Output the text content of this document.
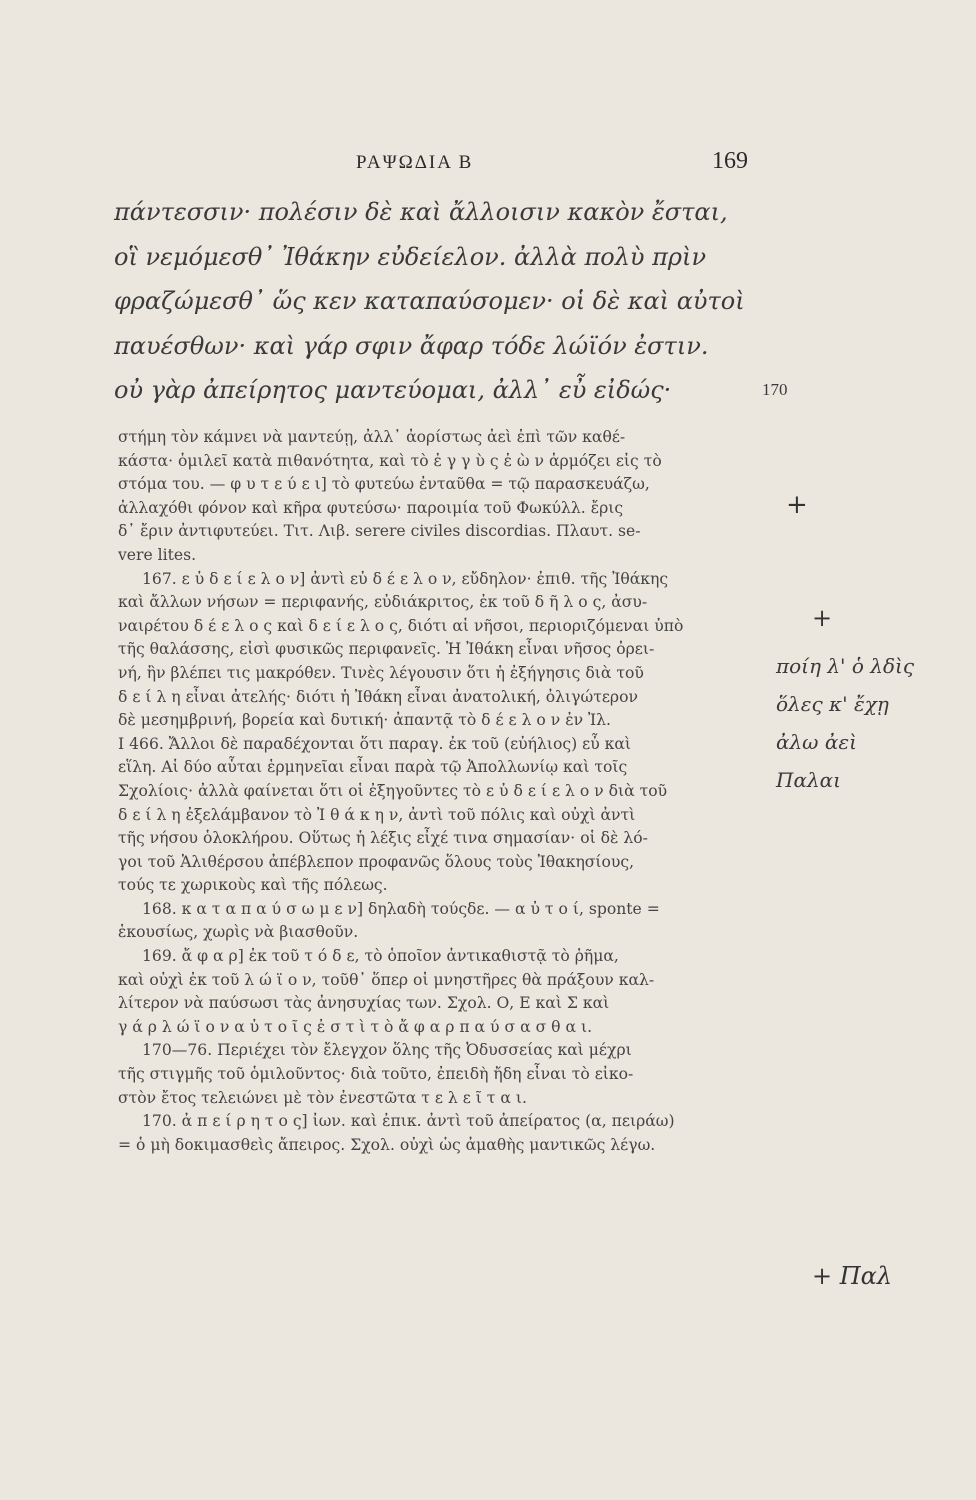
ΡΑΨΩΔΙΑ Β	169
πάντεσσιν· πολέσιν δὲ καὶ ἄλλοισιν κακὸν ἔσται,
οἳ νεμόμεσθ᾽ Ἰθάκην εὐδείελον. ἀλλὰ πολὺ πρὶν
φραζώμεσθ᾽ ὥς κεν καταπαύσομεν· οἱ δὲ καὶ αὐτοὶ
παυέσθων· καὶ γάρ σφιν ἄφαρ τόδε λώϊόν ἐστιν.
οὐ γὰρ ἀπείρητος μαντεύομαι, ἀλλ᾽ εὖ εἰδώς·	170
στήμη τὸν κάμνει νὰ μαντεύῃ, ἀλλ᾽ ἀορίστως ἀεὶ ἐπὶ τῶν καθέ-
κάστα· ὁμιλεῖ κατὰ πιθανότητα, καὶ τὸ ἐ γ γ ὺ ς ἐ ὼ ν ἁρμόζει εἰς τὸ
στόμα του. — φ υ τ ε ύ ε ι] τὸ φυτεύω ἐνταῦθα = τῷ παρασκευάζω,
ἀλλαχόθι φόνον καὶ κῆρα φυτεύσω· παροιμία τοῦ Φωκύλλ. ἔρις
δ᾽ ἔριν ἀντιφυτεύει. Τιτ. Λιβ. serere civiles discordias. Πλαυτ. se-
vere lites.
167. ε ὐ δ ε ί ε λ ο ν] ἀντὶ εὐ δ έ ε λ ο ν, εὔδηλον· ἐπιθ. τῆς Ἰθάκης
καὶ ἄλλων νήσων = περιφανής, εὐδιάκριτος, ἐκ τοῦ δ ῆ λ ο ς, ἀσυ-
ναιρέτου δ έ ε λ ο ς καὶ δ ε ί ε λ ο ς, διότι αἱ νῆσοι, περιοριζόμεναι ὑπὸ
τῆς θαλάσσης, εἰσὶ φυσικῶς περιφανεῖς. Ἡ Ἰθάκη εἶναι νῆσος ὀρει-
νή, ἣν βλέπει τις μακρόθεν. Τινὲς λέγουσιν ὅτι ἡ ἐξήγησις διὰ τοῦ
δ ε ί λ η εἶναι ἀτελής· διότι ἡ Ἰθάκη εἶναι ἀνατολική, ὀλιγώτερον
δὲ μεσημβρινή, βορεία καὶ δυτική· ἀπαντᾷ τὸ δ έ ε λ ο ν ἐν Ἰλ.
Ι 466. Ἄλλοι δὲ παραδέχονται ὅτι παραγ. ἐκ τοῦ (εὐήλιος) εὖ καὶ
εἵλη. Αἱ δύο αὗται ἑρμηνεῖαι εἶναι παρὰ τῷ Ἀπολλωνίῳ καὶ τοῖς
Σχολίοις· ἀλλὰ φαίνεται ὅτι οἱ ἐξηγοῦντες τὸ ε ὐ δ ε ί ε λ ο ν διὰ τοῦ
δ ε ί λ η ἐξελάμβανον τὸ Ἰ θ ά κ η ν, ἀντὶ τοῦ πόλις καὶ οὐχὶ ἀντὶ
τῆς νήσου ὁλοκλήρου. Οὕτως ἡ λέξις εἶχέ τινα σημασίαν· οἱ δὲ λό-
γοι τοῦ Ἁλιθέρσου ἀπέβλεπον προφανῶς ὅλους τοὺς Ἰθακησίους,
τούς τε χωρικοὺς καὶ τῆς πόλεως.
168. κ α τ α π α ύ σ ω μ ε ν] δηλαδὴ τούςδε. — α ὐ τ ο ί, sponte =
ἑκουσίως, χωρὶς νὰ βιασθοῦν.
169. ἄ φ α ρ] ἐκ τοῦ τ ό δ ε, τὸ ὁποῖον ἀντικαθιστᾷ τὸ ῥῆμα,
καὶ οὐχὶ ἐκ τοῦ λ ώ ϊ ο ν, τοῦθ᾽ ὅπερ οἱ μνηστῆρες θὰ πράξουν καλ-
λίτερον νὰ παύσωσι τὰς ἀνησυχίας των. Σχολ. Ο, Ε καὶ Σ καὶ
γ ά ρ λ ώ ϊ ο ν α ὐ τ ο ῖ ς ἐ σ τ ὶ τ ὸ ἄ φ α ρ π α ύ σ α σ θ α ι.
170—76. Περιέχει τὸν ἔλεγχον ὅλης τῆς Ὀδυσσείας καὶ μέχρι
τῆς στιγμῆς τοῦ ὁμιλοῦντος· διὰ τοῦτο, ἐπειδὴ ἤδη εἶναι τὸ εἰκο-
στὸν ἔτος τελειώνει μὲ τὸν ἐνεστῶτα τ ε λ ε ῖ τ α ι.
170. ἀ π ε ί ρ η τ ο ς] ἰων. καὶ ἐπικ. ἀντὶ τοῦ ἀπείρατος (α, πειράω)
= ὁ μὴ δοκιμασθεὶς ἄπειρος. Σχολ. οὐχὶ ὡς ἀμαθὴς μαντικῶς λέγω.
+
+
ποίη λ' ὁ λδὶς
ὅλες κ' ἔχῃ
ἀλω ἀεὶ
Παλαι
+ Παλ
